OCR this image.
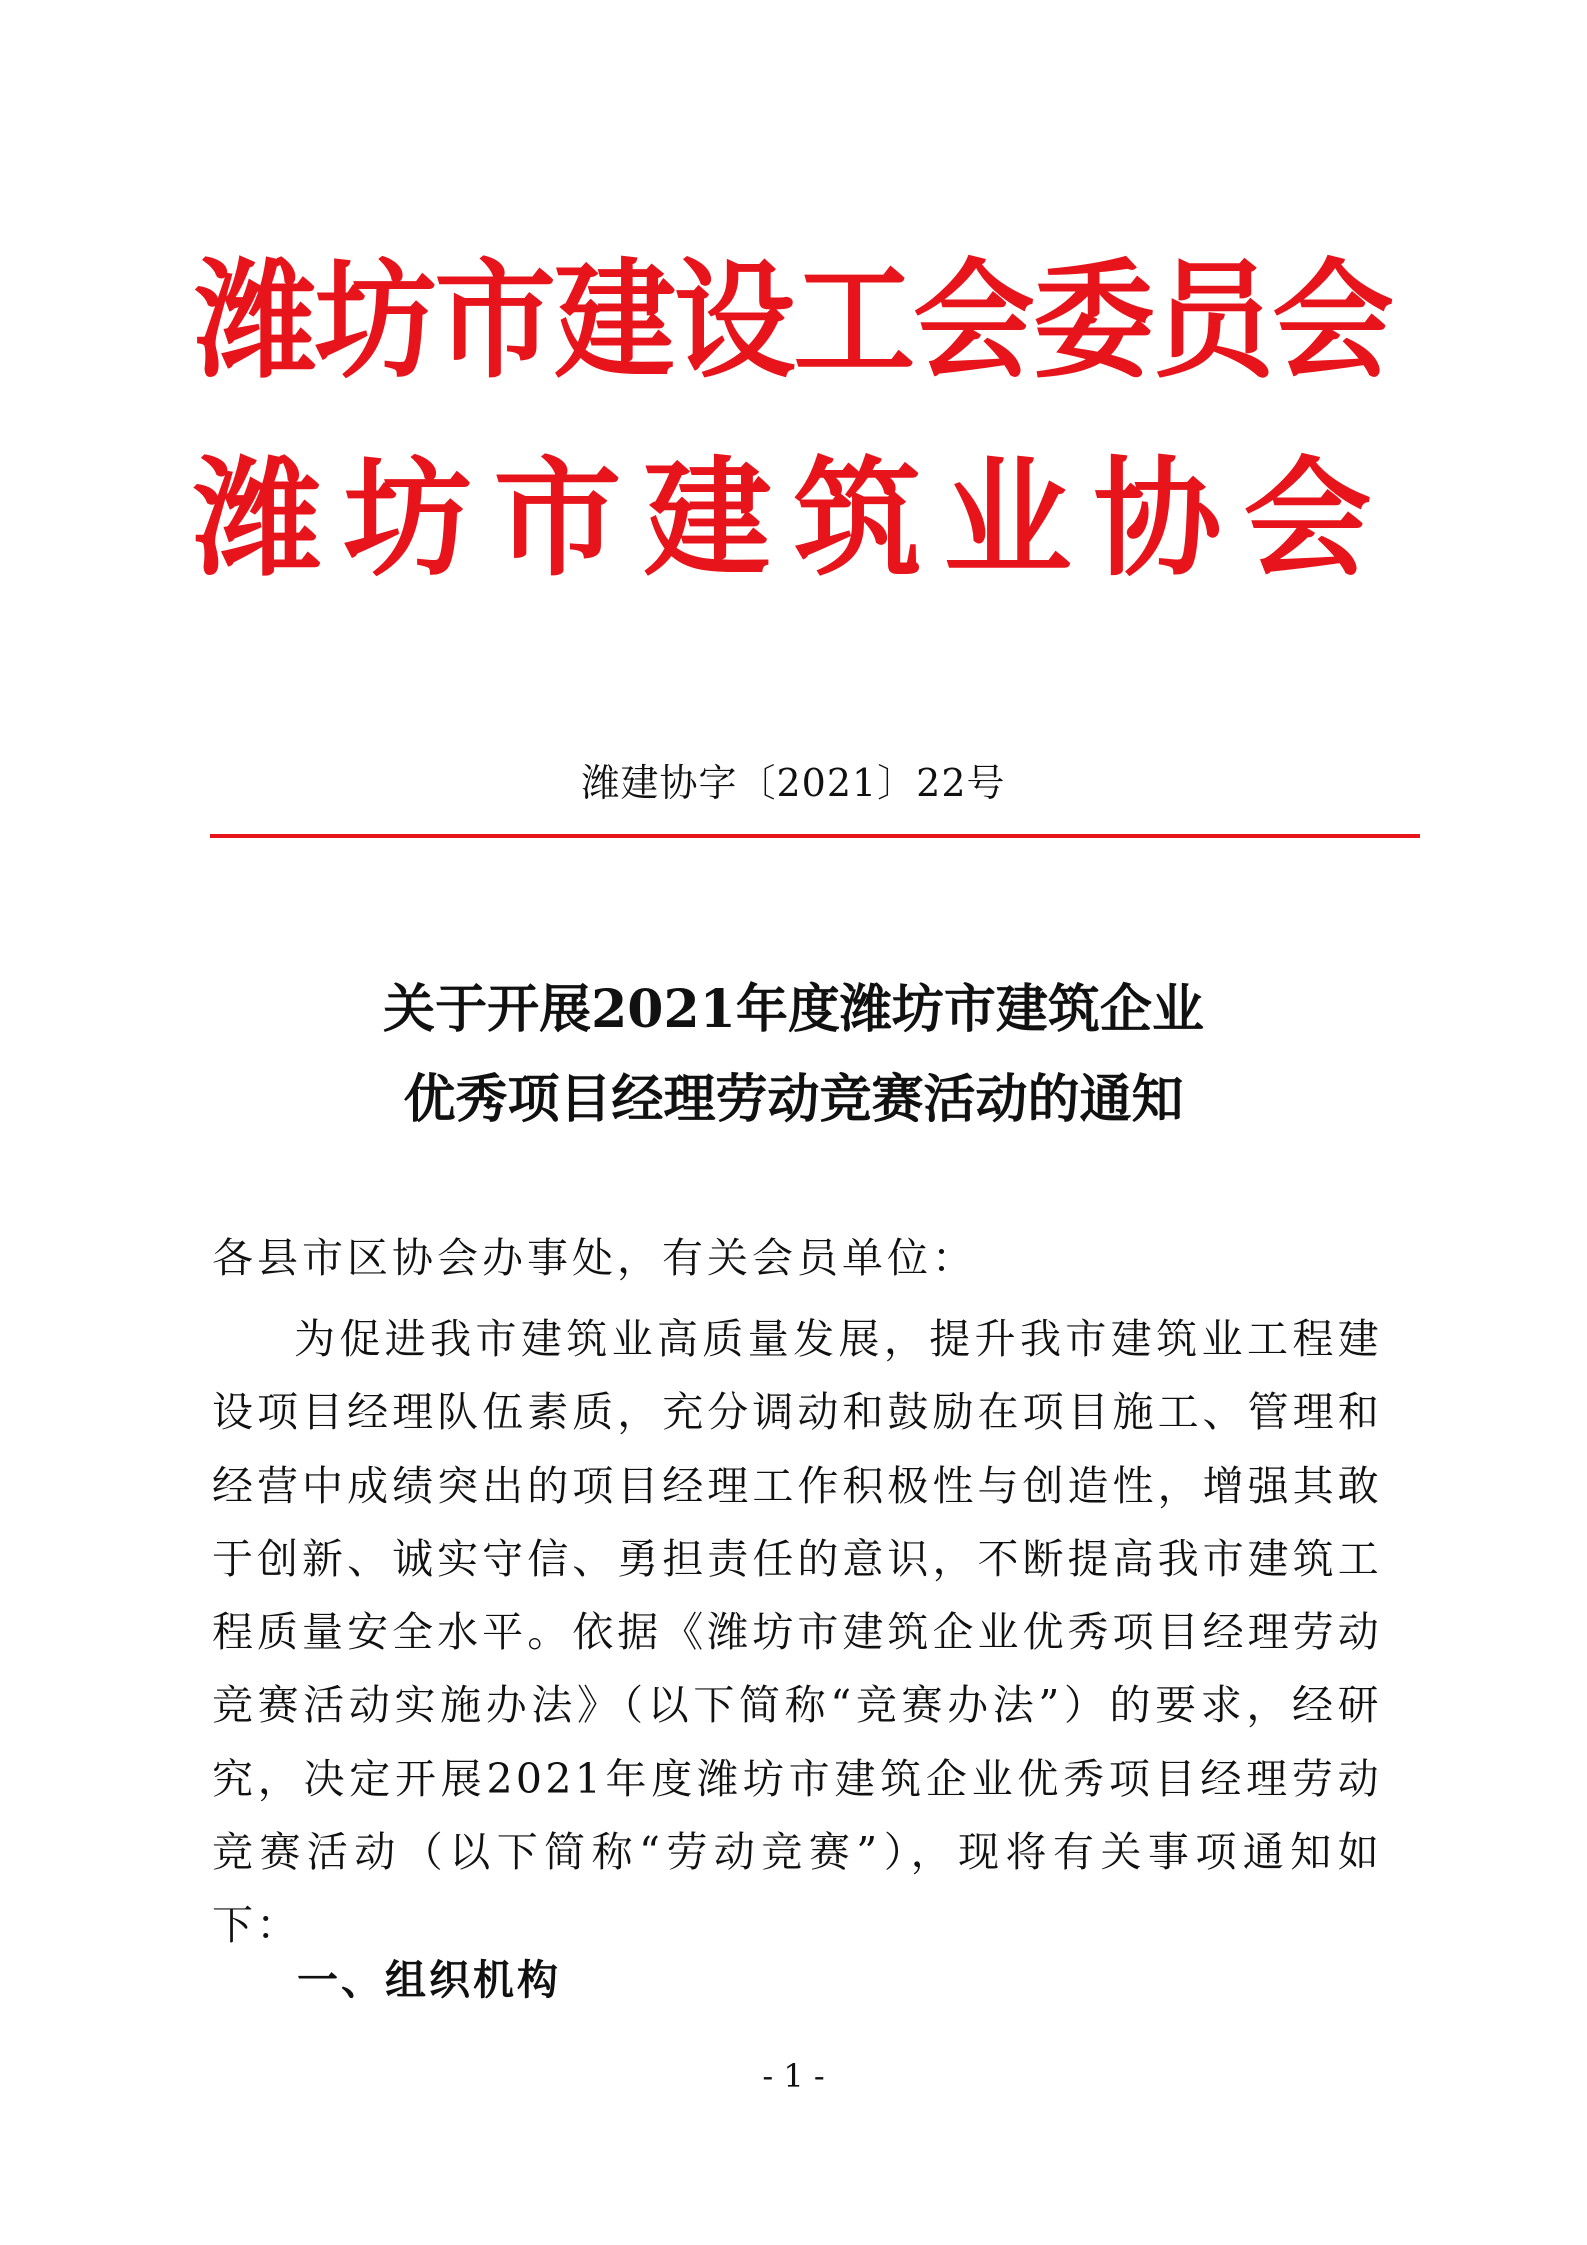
潍坊市建设工会委员会
潍坊市建筑业协会
潍建协字〔2021〕22号
关于开展2021年度潍坊市建筑企业
优秀项目经理劳动竞赛活动的通知
各县市区协会办事处，有关会员单位：

为促进我市建筑业高质量发展，提升我市建筑业工程建设项目经理队伍素质，充分调动和鼓励在项目施工、管理和经营中成绩突出的项目经理工作积极性与创造性，增强其敢于创新、诚实守信、勇担责任的意识，不断提高我市建筑工程质量安全水平。依据《潍坊市建筑企业优秀项目经理劳动竞赛活动实施办法》（以下简称“竞赛办法”）的要求，经研究，决定开展2021年度潍坊市建筑企业优秀项目经理劳动竞赛活动（以下简称“劳动竞赛”），现将有关事项通知如下：

一、组织机构
- 1 -
